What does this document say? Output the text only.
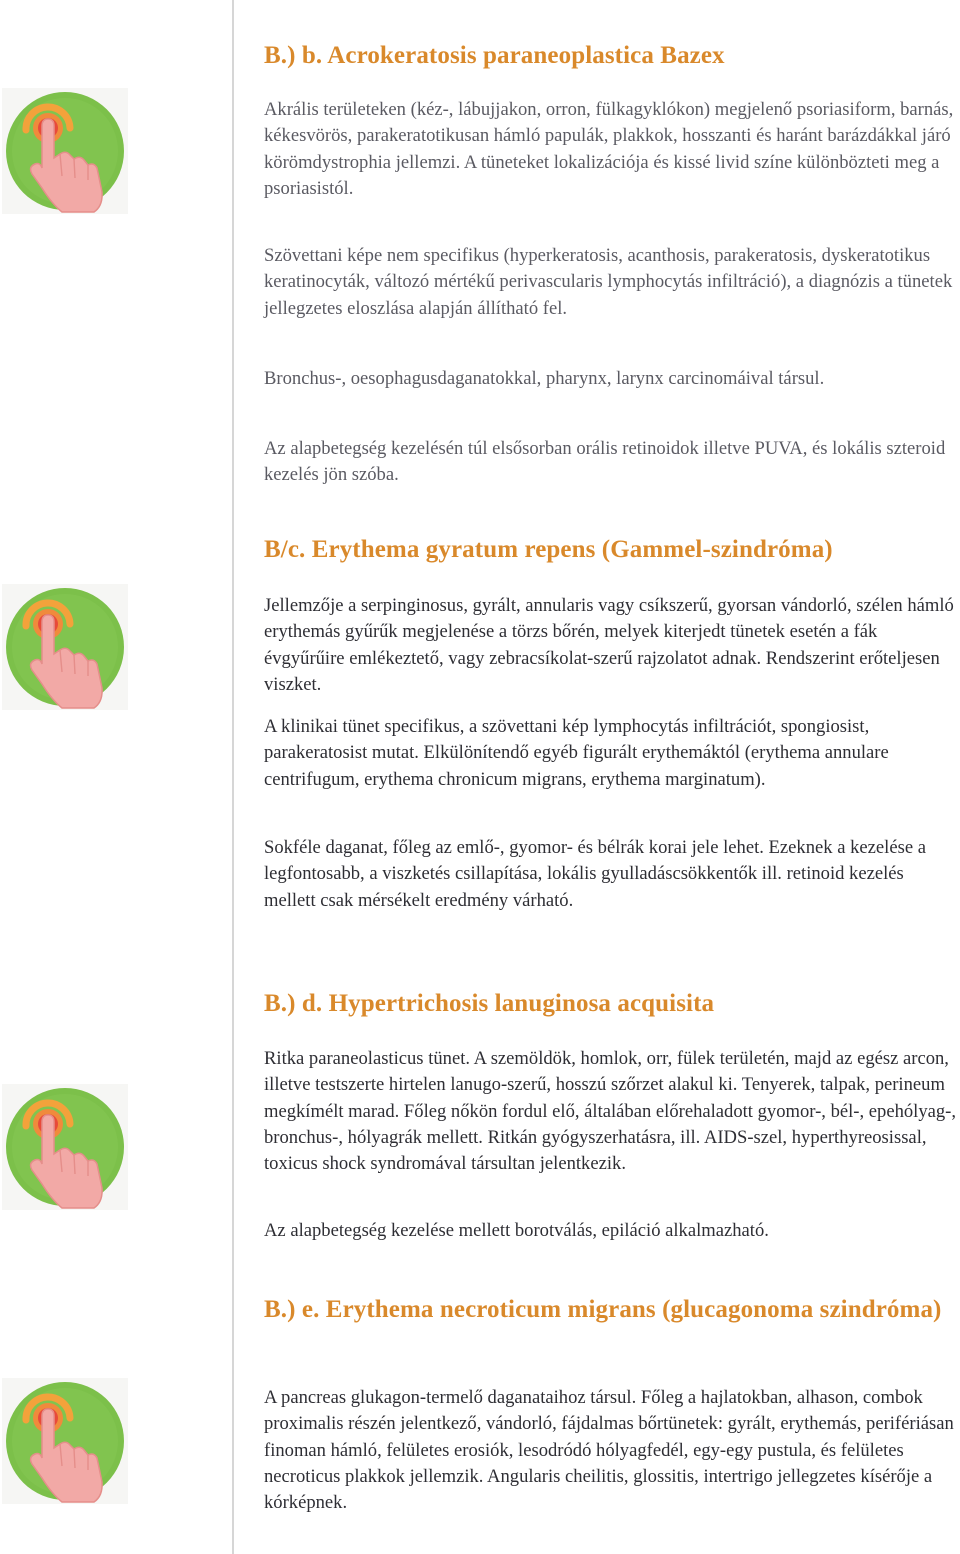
B.) b. Acrokeratosis paraneoplastica Bazex

Akrális területeken (kéz-, lábujjakon, orron, fülkagyklókon) megjelenő psoriasiform, barnás, kékesvörös, parakeratotikusan hámló papulák, plakkok, hosszanti és haránt barázdákkal járó körömdystrophia jellemzi. A tüneteket lokalizációja és kissé livid színe különbözteti meg a psoriasistól.

Szövettani képe nem specifikus (hyperkeratosis, acanthosis, parakeratosis, dyskeratotikus keratinocyták, változó mértékű perivascularis lymphocytás infiltráció), a diagnózis a tünetek jellegzetes eloszlása alapján állítható fel.

Bronchus-, oesophagusdaganatokkal, pharynx, larynx carcinomáival társul.

Az alapbetegség kezelésén túl elsősorban orális retinoidok illetve PUVA, és lokális szteroid kezelés jön szóba.

B/c. Erythema gyratum repens (Gammel-szindróma)

Jellemzője a serpinginosus, gyrált, annularis vagy csíkszerű, gyorsan vándorló, szélen hámló erythemás gyűrűk megjelenése a törzs bőrén, melyek kiterjedt tünetek esetén a fák évgyűrűire emlékeztető, vagy zebracsíkolat-szerű rajzolatot adnak. Rendszerint erőteljesen viszket.

A klinikai tünet specifikus, a szövettani kép lymphocytás infiltrációt, spongiosist, parakeratosist mutat. Elkülönítendő egyéb figurált erythemáktól (erythema annulare centrifugum, erythema chronicum migrans, erythema marginatum).

Sokféle daganat, főleg az emlő-, gyomor- és bélrák korai jele lehet. Ezeknek a kezelése a legfontosabb, a viszketés csillapítása, lokális gyulladáscsökkentők ill. retinoid kezelés mellett csak mérsékelt eredmény várható.

B.) d. Hypertrichosis lanuginosa acquisita

Ritka paraneolasticus tünet. A szemöldök, homlok, orr, fülek területén, majd az egész arcon, illetve testszerte hirtelen lanugo-szerű, hosszú szőrzet alakul ki. Tenyerek, talpak, perineum megkímélt marad. Főleg nőkön fordul elő, általában előrehaladott gyomor-, bél-, epehólyag-, bronchus-, hólyagrák mellett. Ritkán gyógyszerhatásra, ill. AIDS-szel, hyperthyreosissal, toxicus shock syndromával társultan jelentkezik.

Az alapbetegség kezelése mellett borotválás, epiláció alkalmazható.

B.) e. Erythema necroticum migrans (glucagonoma szindróma)

A pancreas glukagon-termelő daganataihoz társul. Főleg a hajlatokban, alhason, combok proximalis részén jelentkező, vándorló, fájdalmas bőrtünetek: gyrált, erythemás, perifériásan finoman hámló, felületes erosiók, lesodródó hólyagfedél, egy-egy pustula, és felületes necroticus plakkok jellemzik. Angularis cheilitis, glossitis, intertrigo jellegzetes kísérője a kórképnek.
